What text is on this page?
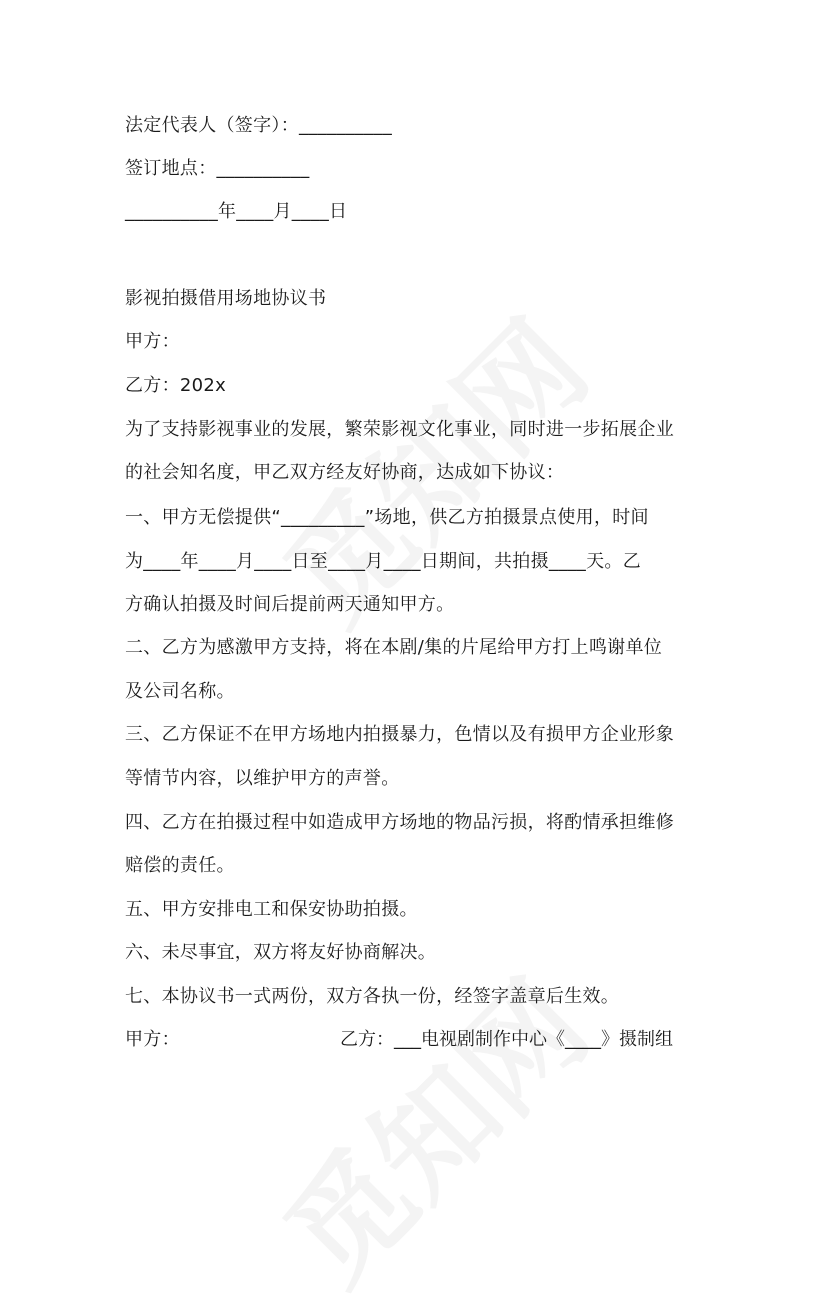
法定代表人（签字）：__________
签订地点：__________
__________年____月____日
影视拍摄借用场地协议书
甲方：
乙方：202x
为了支持影视事业的发展，繁荣影视文化事业，同时进一步拓展企业
的社会知名度，甲乙双方经友好协商，达成如下协议：
一、甲方无偿提供“_________”场地，供乙方拍摄景点使用，时间
为____年____月____日至____月____日期间，共拍摄____天。乙
方确认拍摄及时间后提前两天通知甲方。
二、乙方为感激甲方支持，将在本剧/集的片尾给甲方打上鸣谢单位
及公司名称。
三、乙方保证不在甲方场地内拍摄暴力，色情以及有损甲方企业形象
等情节内容，以维护甲方的声誉。
四、乙方在拍摄过程中如造成甲方场地的物品污损，将酌情承担维修
赔偿的责任。
五、甲方安排电工和保安协助拍摄。
六、未尽事宜，双方将友好协商解决。
七、本协议书一式两份，双方各执一份，经签字盖章后生效。
甲方：	乙方：___电视剧制作中心《____》摄制组
